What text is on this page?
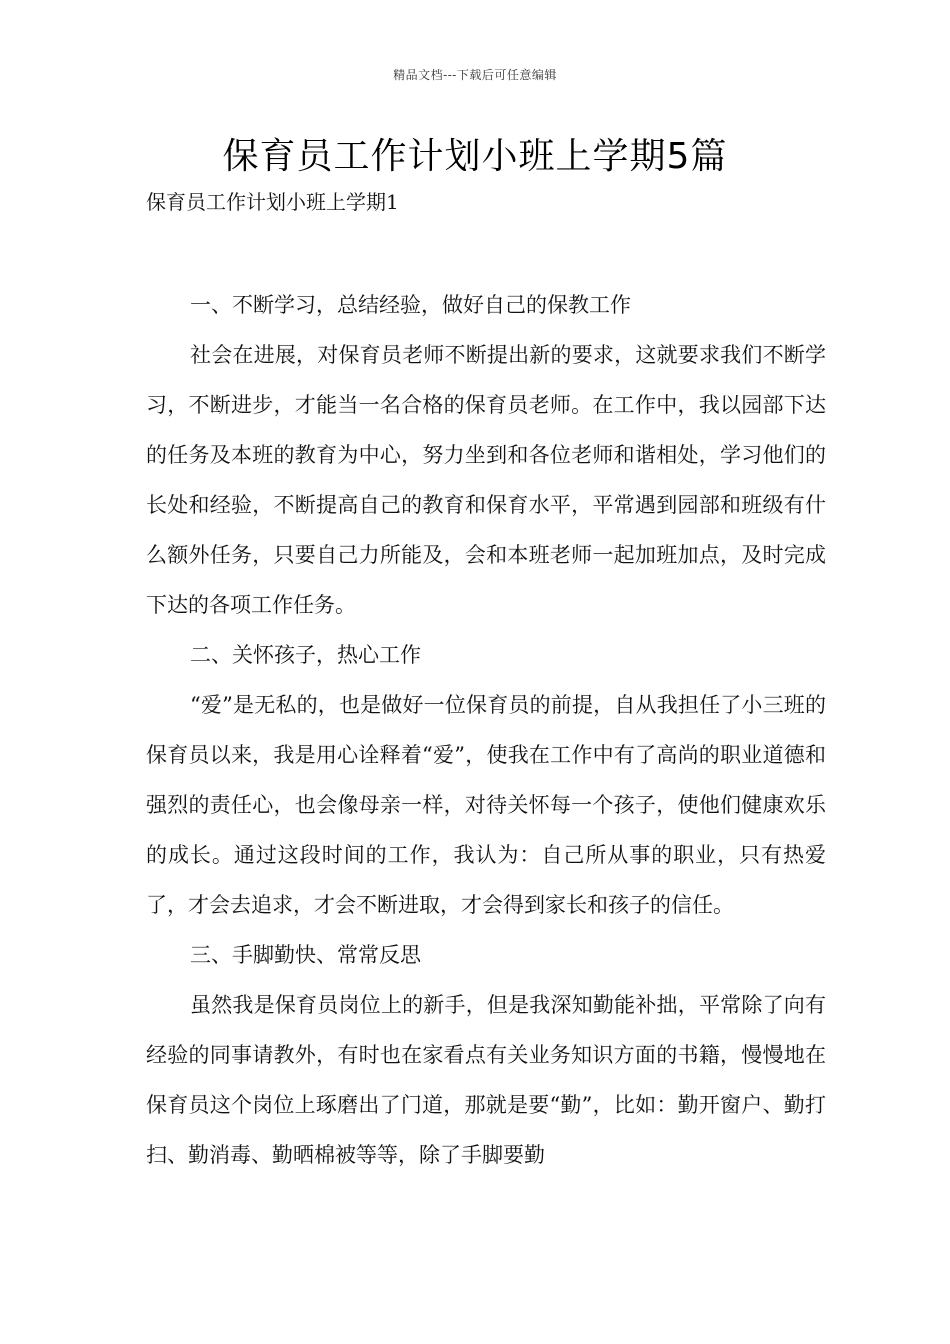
精品文档---下载后可任意编辑
保育员工作计划小班上学期5篇
保育员工作计划小班上学期1

一、不断学习，总结经验，做好自己的保教工作

社会在进展，对保育员老师不断提出新的要求，这就要求我们不断学习，不断进步，才能当一名合格的保育员老师。在工作中，我以园部下达的任务及本班的教育为中心，努力坐到和各位老师和谐相处，学习他们的长处和经验，不断提高自己的教育和保育水平，平常遇到园部和班级有什么额外任务，只要自己力所能及，会和本班老师一起加班加点，及时完成下达的各项工作任务。

二、关怀孩子，热心工作

“爱”是无私的，也是做好一位保育员的前提，自从我担任了小三班的保育员以来，我是用心诠释着“爱”，使我在工作中有了高尚的职业道德和强烈的责任心，也会像母亲一样，对待关怀每一个孩子，使他们健康欢乐的成长。通过这段时间的工作，我认为：自己所从事的职业，只有热爱了，才会去追求，才会不断进取，才会得到家长和孩子的信任。

三、手脚勤快、常常反思

虽然我是保育员岗位上的新手，但是我深知勤能补拙，平常除了向有经验的同事请教外，有时也在家看点有关业务知识方面的书籍，慢慢地在保育员这个岗位上琢磨出了门道，那就是要“勤”，比如：勤开窗户、勤打扫、勤消毒、勤晒棉被等等，除了手脚要勤
